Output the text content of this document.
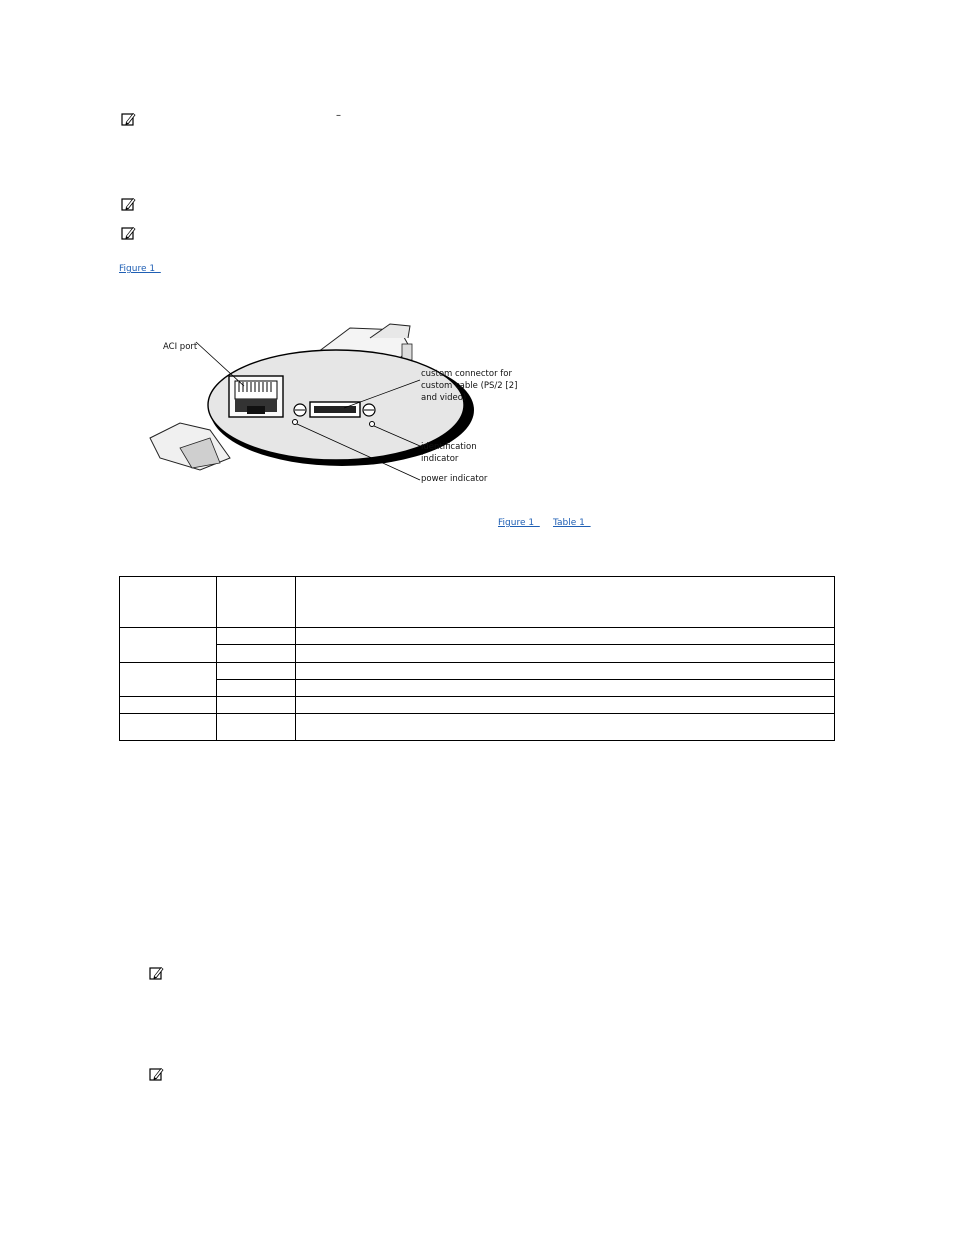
–
Figure 1
ACI port
custom connector for
custom cable (PS/2 [2]
and video)
identification
indicator
power indicator
Figure 1 Table 1
